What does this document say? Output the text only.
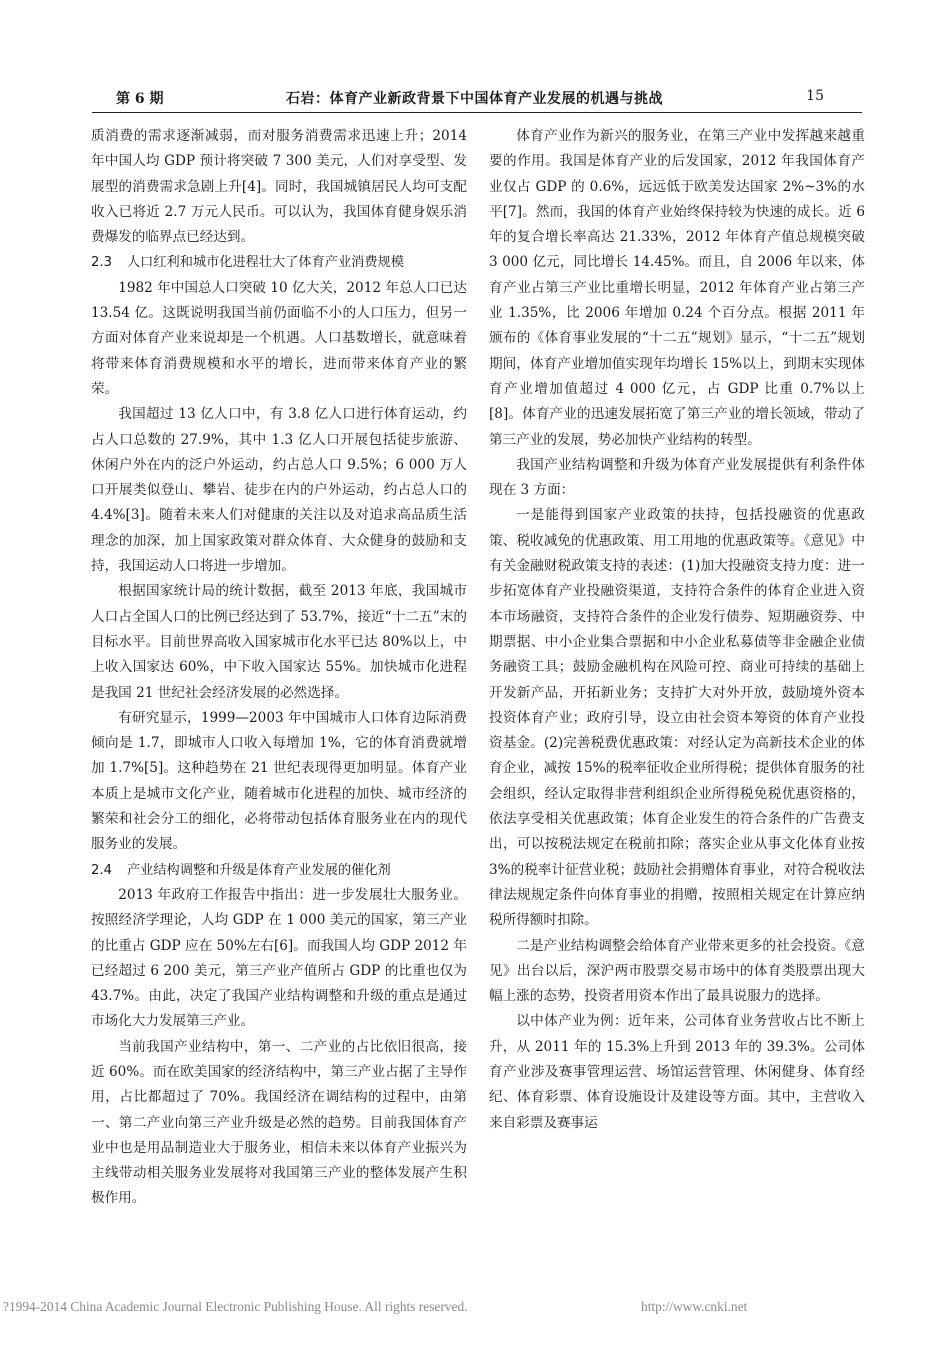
第 6 期	石岩：体育产业新政背景下中国体育产业发展的机遇与挑战	15

质消费的需求逐渐减弱，而对服务消费需求迅速上升；2014 年中国人均 GDP 预计将突破 7 300 美元，人们对享受型、发展型的消费需求急剧上升[4]。同时，我国城镇居民人均可支配收入已将近 2.7 万元人民币。可以认为，我国体育健身娱乐消费爆发的临界点已经达到。

2.3 人口红利和城市化进程壮大了体育产业消费规模

1982 年中国总人口突破 10 亿大关，2012 年总人口已达 13.54 亿。这既说明我国当前仍面临不小的人口压力，但另一方面对体育产业来说却是一个机遇。人口基数增长，就意味着将带来体育消费规模和水平的增长，进而带来体育产业的繁荣。

我国超过 13 亿人口中，有 3.8 亿人口进行体育运动，约占人口总数的 27.9%，其中 1.3 亿人口开展包括徒步旅游、休闲户外在内的泛户外运动，约占总人口 9.5%；6 000 万人口开展类似登山、攀岩、徒步在内的户外运动，约占总人口的 4.4%[3]。随着未来人们对健康的关注以及对追求高品质生活理念的加深，加上国家政策对群众体育、大众健身的鼓励和支持，我国运动人口将进一步增加。

根据国家统计局的统计数据，截至 2013 年底，我国城市人口占全国人口的比例已经达到了 53.7%，接近“十二五”末的目标水平。目前世界高收入国家城市化水平已达 80%以上，中上收入国家达 60%，中下收入国家达 55%。加快城市化进程是我国 21 世纪社会经济发展的必然选择。

有研究显示，1999—2003 年中国城市人口体育边际消费倾向是 1.7，即城市人口收入每增加 1%，它的体育消费就增加 1.7%[5]。这种趋势在 21 世纪表现得更加明显。体育产业本质上是城市文化产业，随着城市化进程的加快、城市经济的繁荣和社会分工的细化，必将带动包括体育服务业在内的现代服务业的发展。

2.4 产业结构调整和升级是体育产业发展的催化剂

2013 年政府工作报告中指出：进一步发展壮大服务业。按照经济学理论，人均 GDP 在 1 000 美元的国家，第三产业的比重占 GDP 应在 50%左右[6]。而我国人均 GDP 2012 年已经超过 6 200 美元，第三产业产值所占 GDP 的比重也仅为 43.7%。由此，决定了我国产业结构调整和升级的重点是通过市场化大力发展第三产业。

当前我国产业结构中，第一、二产业的占比依旧很高，接近 60%。而在欧美国家的经济结构中，第三产业占据了主导作用，占比都超过了 70%。我国经济在调结构的过程中，由第一、第二产业向第三产业升级是必然的趋势。目前我国体育产业中也是用品制造业大于服务业，相信未来以体育产业振兴为主线带动相关服务业发展将对我国第三产业的整体发展产生积极作用。

体育产业作为新兴的服务业，在第三产业中发挥越来越重要的作用。我国是体育产业的后发国家，2012 年我国体育产业仅占 GDP 的 0.6%，远远低于欧美发达国家 2%~3%的水平[7]。然而，我国的体育产业始终保持较为快速的成长。近 6 年的复合增长率高达 21.33%，2012 年体育产值总规模突破 3 000 亿元，同比增长 14.45%。而且，自 2006 年以来，体育产业占第三产业比重增长明显，2012 年体育产业占第三产业 1.35%，比 2006 年增加 0.24 个百分点。根据 2011 年颁布的《体育事业发展的“十二五”规划》显示，“十二五”规划期间，体育产业增加值实现年均增长 15%以上，到期末实现体育产业增加值超过 4 000 亿元，占 GDP 比重 0.7%以上[8]。体育产业的迅速发展拓宽了第三产业的增长领域，带动了第三产业的发展，势必加快产业结构的转型。

我国产业结构调整和升级为体育产业发展提供有利条件体现在 3 方面：

一是能得到国家产业政策的扶持，包括投融资的优惠政策、税收减免的优惠政策、用工用地的优惠政策等。《意见》中有关金融财税政策支持的表述：(1)加大投融资支持力度：进一步拓宽体育产业投融资渠道，支持符合条件的体育企业进入资本市场融资，支持符合条件的企业发行债券、短期融资券、中期票据、中小企业集合票据和中小企业私募债等非金融企业债务融资工具；鼓励金融机构在风险可控、商业可持续的基础上开发新产品，开拓新业务；支持扩大对外开放，鼓励境外资本投资体育产业；政府引导，设立由社会资本筹资的体育产业投资基金。(2)完善税费优惠政策：对经认定为高新技术企业的体育企业，减按 15%的税率征收企业所得税；提供体育服务的社会组织，经认定取得非营利组织企业所得税免税优惠资格的，依法享受相关优惠政策；体育企业发生的符合条件的广告费支出，可以按税法规定在税前扣除；落实企业从事文化体育业按 3%的税率计征营业税；鼓励社会捐赠体育事业，对符合税收法律法规规定条件向体育事业的捐赠，按照相关规定在计算应纳税所得额时扣除。

二是产业结构调整会给体育产业带来更多的社会投资。《意见》出台以后，深沪两市股票交易市场中的体育类股票出现大幅上涨的态势，投资者用资本作出了最具说服力的选择。

以中体产业为例：近年来，公司体育业务营收占比不断上升，从 2011 年的 15.3%上升到 2013 年的 39.3%。公司体育产业涉及赛事管理运营、场馆运营管理、休闲健身、体育经纪、体育彩票、体育设施设计及建设等方面。其中，主营收入来自彩票及赛事运

?1994-2014 China Academic Journal Electronic Publishing House. All rights reserved.	http://www.cnki.net
